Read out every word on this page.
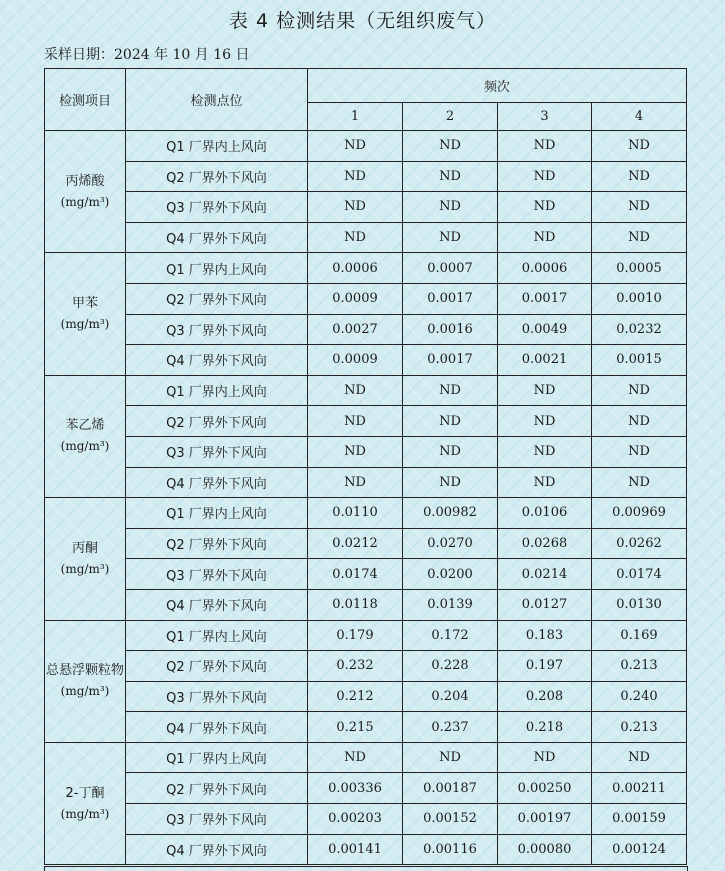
表 4 检测结果（无组织废气）
采样日期：2024 年 10 月 16 日
检测项目	检测点位	频次			
		1	2	3	4
丙烯酸
(mg/m³)	Q1 厂界内上风向	ND	ND	ND	ND
	Q2 厂界外下风向	ND	ND	ND	ND
	Q3 厂界外下风向	ND	ND	ND	ND
	Q4 厂界外下风向	ND	ND	ND	ND
甲苯
(mg/m³)	Q1 厂界内上风向	0.0006	0.0007	0.0006	0.0005
	Q2 厂界外下风向	0.0009	0.0017	0.0017	0.0010
	Q3 厂界外下风向	0.0027	0.0016	0.0049	0.0232
	Q4 厂界外下风向	0.0009	0.0017	0.0021	0.0015
苯乙烯
(mg/m³)	Q1 厂界内上风向	ND	ND	ND	ND
	Q2 厂界外下风向	ND	ND	ND	ND
	Q3 厂界外下风向	ND	ND	ND	ND
	Q4 厂界外下风向	ND	ND	ND	ND
丙酮
(mg/m³)	Q1 厂界内上风向	0.0110	0.00982	0.0106	0.00969
	Q2 厂界外下风向	0.0212	0.0270	0.0268	0.0262
	Q3 厂界外下风向	0.0174	0.0200	0.0214	0.0174
	Q4 厂界外下风向	0.0118	0.0139	0.0127	0.0130
总悬浮颗粒物
(mg/m³)	Q1 厂界内上风向	0.179	0.172	0.183	0.169
	Q2 厂界外下风向	0.232	0.228	0.197	0.213
	Q3 厂界外下风向	0.212	0.204	0.208	0.240
	Q4 厂界外下风向	0.215	0.237	0.218	0.213
2-丁酮
(mg/m³)	Q1 厂界内上风向	ND	ND	ND	ND
	Q2 厂界外下风向	0.00336	0.00187	0.00250	0.00211
	Q3 厂界外下风向	0.00203	0.00152	0.00197	0.00159
	Q4 厂界外下风向	0.00141	0.00116	0.00080	0.00124
